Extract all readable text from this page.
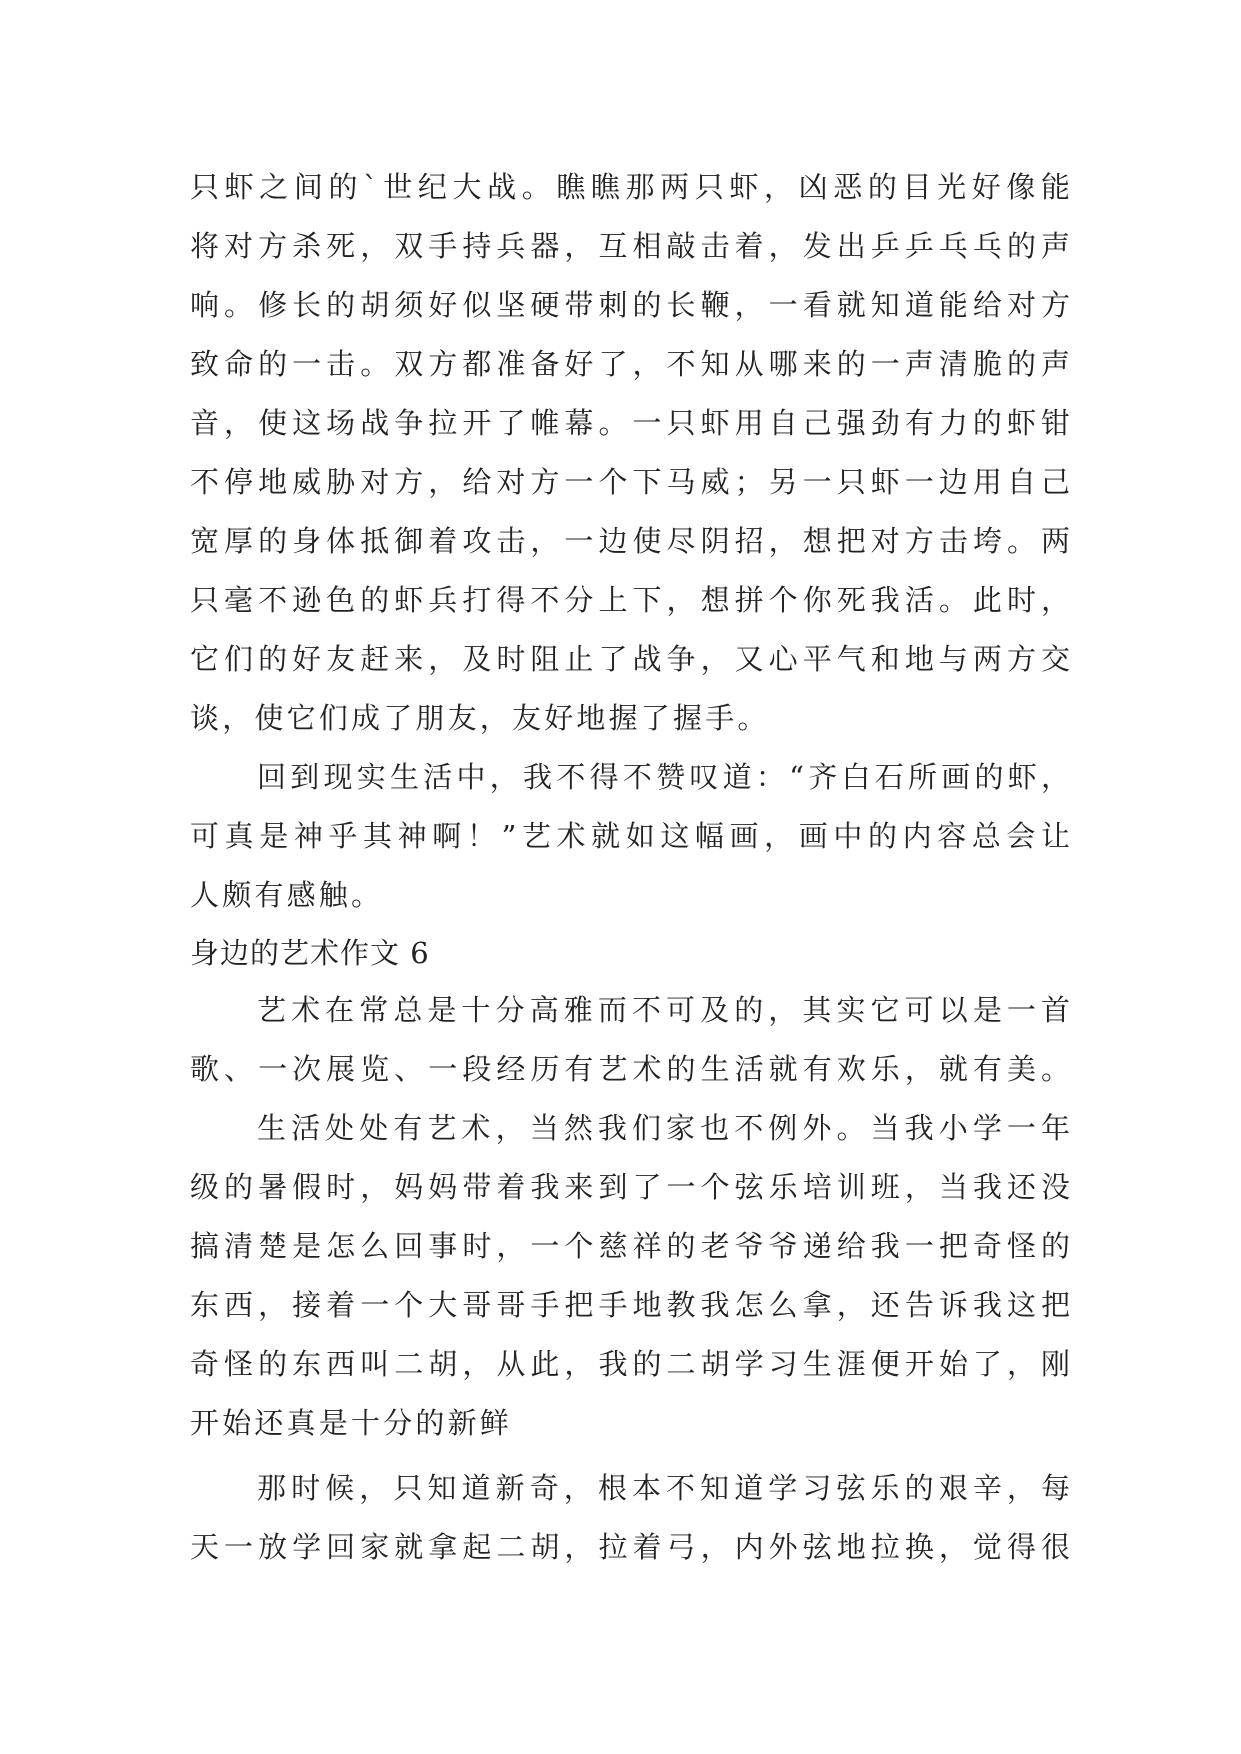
只虾之间的`世纪大战。瞧瞧那两只虾，凶恶的目光好像能
将对方杀死，双手持兵器，互相敲击着，发出乒乒乓乓的声
响。修长的胡须好似坚硬带刺的长鞭，一看就知道能给对方
致命的一击。双方都准备好了，不知从哪来的一声清脆的声
音，使这场战争拉开了帷幕。一只虾用自己强劲有力的虾钳
不停地威胁对方，给对方一个下马威；另一只虾一边用自己
宽厚的身体抵御着攻击，一边使尽阴招，想把对方击垮。两
只毫不逊色的虾兵打得不分上下，想拼个你死我活。此时，
它们的好友赶来，及时阻止了战争，又心平气和地与两方交
谈，使它们成了朋友，友好地握了握手。
回到现实生活中，我不得不赞叹道：“齐白石所画的虾，
可真是神乎其神啊！”艺术就如这幅画，画中的内容总会让
人颇有感触。
身边的艺术作文 6
艺术在常总是十分高雅而不可及的，其实它可以是一首
歌、一次展览、一段经历有艺术的生活就有欢乐，就有美。
生活处处有艺术，当然我们家也不例外。当我小学一年
级的暑假时，妈妈带着我来到了一个弦乐培训班，当我还没
搞清楚是怎么回事时，一个慈祥的老爷爷递给我一把奇怪的
东西，接着一个大哥哥手把手地教我怎么拿，还告诉我这把
奇怪的东西叫二胡，从此，我的二胡学习生涯便开始了，刚
开始还真是十分的新鲜
那时候，只知道新奇，根本不知道学习弦乐的艰辛，每
天一放学回家就拿起二胡，拉着弓，内外弦地拉换，觉得很
